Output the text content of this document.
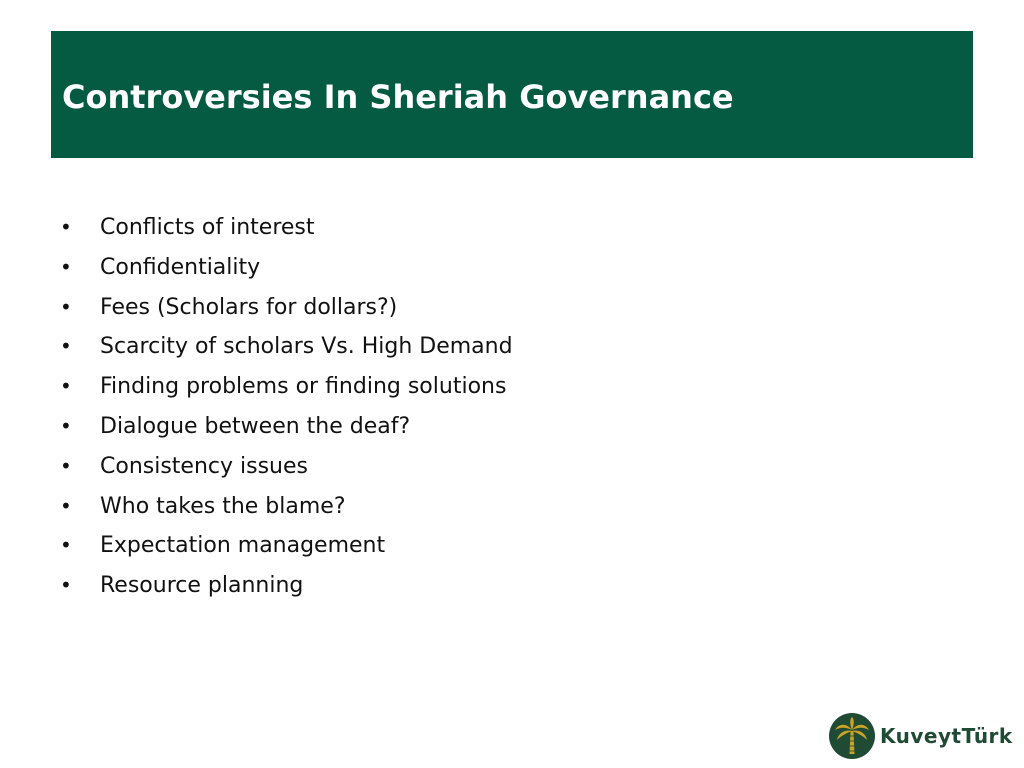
Controversies In Sheriah Governance
• Conflicts of interest
• Confidentiality
• Fees (Scholars for dollars?)
• Scarcity of scholars Vs. High Demand
• Finding problems or finding solutions
• Dialogue between the deaf?
• Consistency issues
• Who takes the blame?
• Expectation management
• Resource planning
KuveytTürk
